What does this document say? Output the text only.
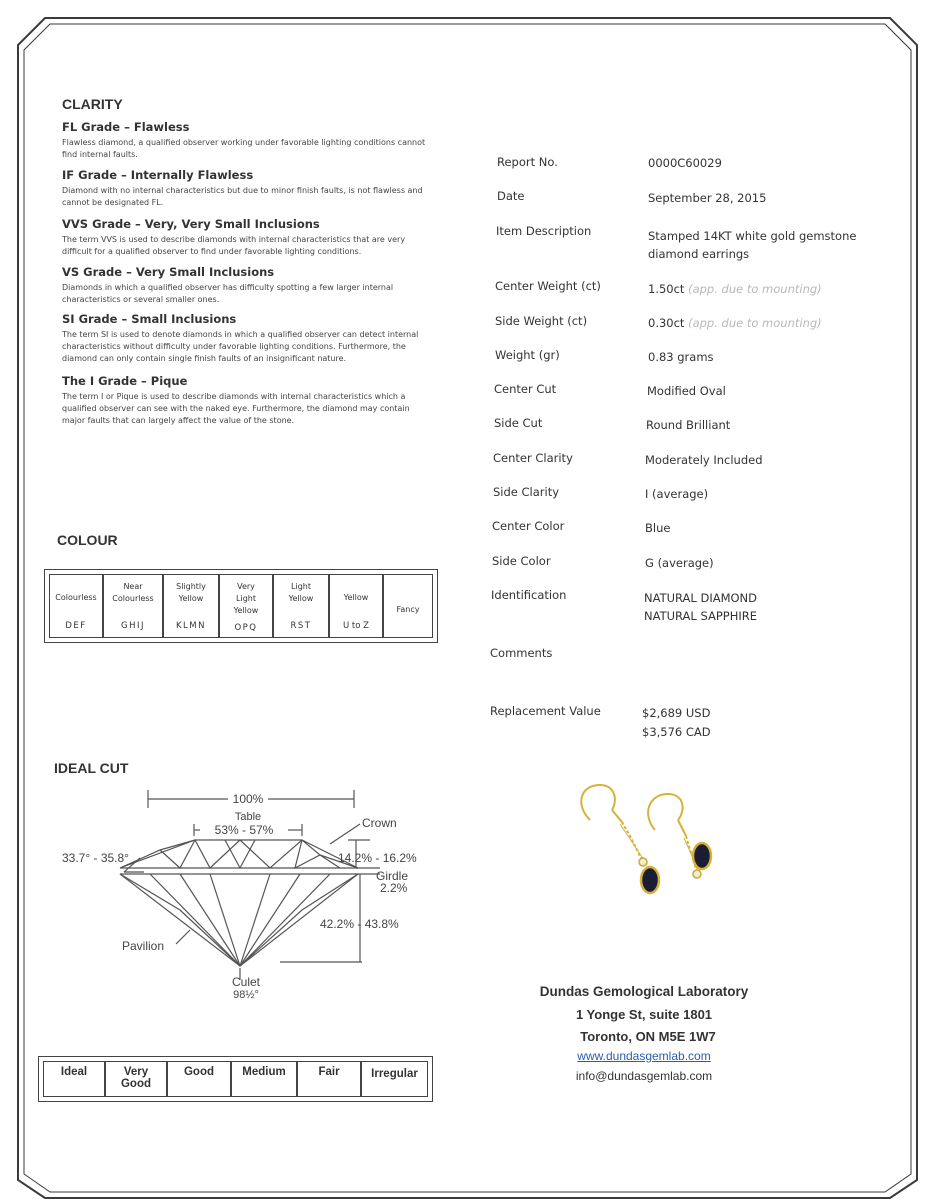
CLARITY
FL Grade – Flawless
Flawless diamond, a qualified observer working under favorable lighting conditions cannot find internal faults.
IF Grade – Internally Flawless
Diamond with no internal characteristics but due to minor finish faults, is not flawless and cannot be designated FL.
VVS Grade – Very, Very Small Inclusions
The term VVS is used to describe diamonds with internal characteristics that are very difficult for a qualified observer to find under favorable lighting conditions.
VS Grade – Very Small Inclusions
Diamonds in which a qualified observer has difficulty spotting a few larger internal characteristics or several smaller ones.
SI Grade – Small Inclusions
The term SI is used to denote diamonds in which a qualified observer can detect internal characteristics without difficulty under favorable lighting conditions. Furthermore, the diamond can only contain single finish faults of an insignificant nature.
The I Grade – Pique
The term I or Pique is used to describe diamonds with internal characteristics which a qualified observer can see with the naked eye. Furthermore, the diamond may contain major faults that can largely affect the value of the stone.
COLOUR
Colourless
DEF
Near Colourless
GHIJ
Slightly Yellow
KLMN
Very Light Yellow
OPQ
Light Yellow
RST
Yellow
U to Z
Fancy
IDEAL CUT
100%
Table
53% - 57%	Crown
33.7° - 35.8°	14.2% - 16.2%
Girdle
2.2%
42.2% - 43.8%
Pavilion
Culet
98½°
Ideal	Very Good
Good	Medium	Fair	Irregular
Report No.	0000C60029
Date	September 28, 2015
Item Description	Stamped 14KT white gold gemstone diamond earrings
Center Weight (ct)	1.50ct (app. due to mounting)
Side Weight (ct)	0.30ct (app. due to mounting)
Weight (gr)	0.83 grams
Center Cut	Modified Oval
Side Cut	Round Brilliant
Center Clarity	Moderately Included
Side Clarity	I (average)
Center Color	Blue
Side Color	G (average)
Identification	NATURAL DIAMOND
NATURAL SAPPHIRE
Comments
Replacement Value	$2,689 USD
$3,576 CAD
Dundas Gemological Laboratory
1 Yonge St, suite 1801
Toronto, ON M5E 1W7
www.dundasgemlab.com
info@dundasgemlab.com
